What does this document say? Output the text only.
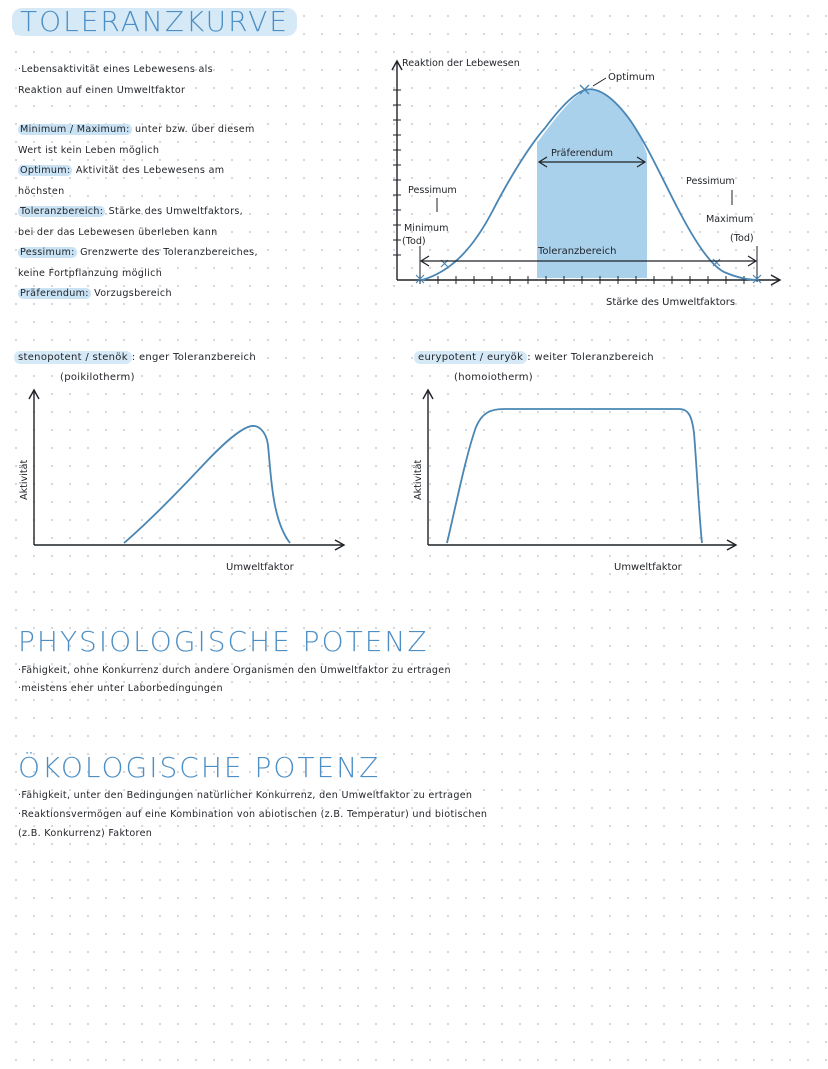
TOLERANZKURVE
·Lebensaktivität eines Lebewesens als
Reaktion auf einen Umweltfaktor
Minimum / Maximum: unter bzw. über diesem
Wert ist kein Leben möglich
Optimum: Aktivität des Lebewesens am
höchsten
Toleranzbereich: Stärke des Umweltfaktors,
bei der das Lebewesen überleben kann
Pessimum: Grenzwerte des Toleranzbereiches,
keine Fortpflanzung möglich
Präferendum: Vorzugsbereich
Reaktion der Lebewesen
Optimum
Präferendum
Pessimum
Pessimum
Minimum
(Tod)
Maximum
(Tod)
Toleranzbereich
Stärke des Umweltfaktors
stenopotent / stenök : enger Toleranzbereich
(poikilotherm)
Aktivität
Umweltfaktor
eurypotent / euryök : weiter Toleranzbereich
(homoiotherm)
Aktivität
Umweltfaktor
PHYSIOLOGISCHE POTENZ
·Fähigkeit, ohne Konkurrenz durch andere Organismen den Umweltfaktor zu ertragen
·meistens eher unter Laborbedingungen
ÖKOLOGISCHE POTENZ
·Fähigkeit, unter den Bedingungen natürlicher Konkurrenz, den Umweltfaktor zu ertragen
·Reaktionsvermögen auf eine Kombination von abiotischen (z.B. Temperatur) und biotischen
(z.B. Konkurrenz) Faktoren
